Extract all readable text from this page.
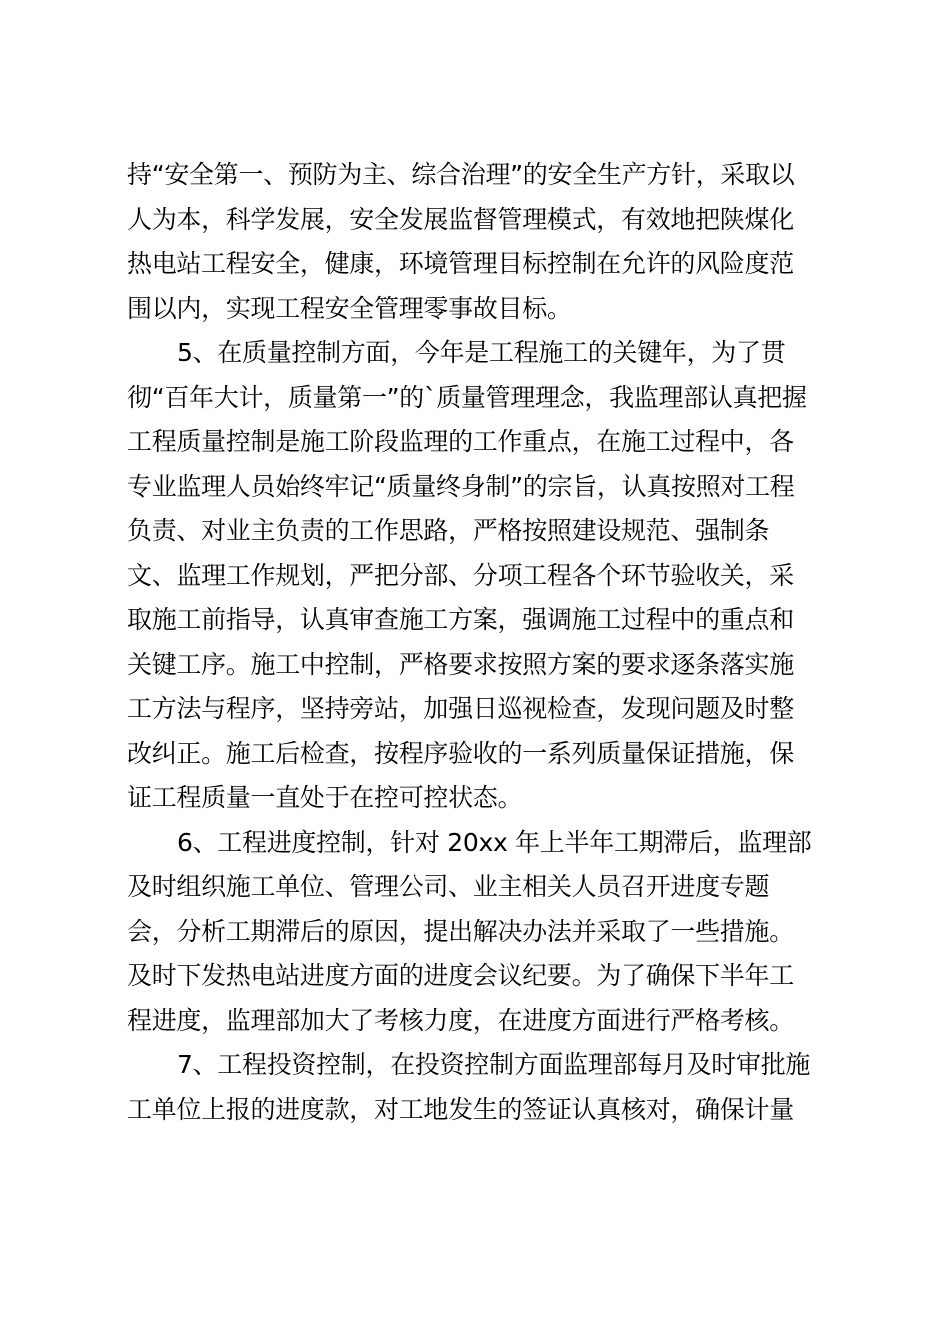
持“安全第一、预防为主、综合治理”的安全生产方针，采取以
人为本，科学发展，安全发展监督管理模式，有效地把陕煤化
热电站工程安全，健康，环境管理目标控制在允许的风险度范
围以内，实现工程安全管理零事故目标。
5、在质量控制方面，今年是工程施工的关键年，为了贯
彻“百年大计，质量第一”的`质量管理理念，我监理部认真把握
工程质量控制是施工阶段监理的工作重点，在施工过程中，各
专业监理人员始终牢记“质量终身制”的宗旨，认真按照对工程
负责、对业主负责的工作思路，严格按照建设规范、强制条
文、监理工作规划，严把分部、分项工程各个环节验收关，采
取施工前指导，认真审查施工方案，强调施工过程中的重点和
关键工序。施工中控制，严格要求按照方案的要求逐条落实施
工方法与程序，坚持旁站，加强日巡视检查，发现问题及时整
改纠正。施工后检查，按程序验收的一系列质量保证措施，保
证工程质量一直处于在控可控状态。
6、工程进度控制，针对 20xx 年上半年工期滞后，监理部
及时组织施工单位、管理公司、业主相关人员召开进度专题
会，分析工期滞后的原因，提出解决办法并采取了一些措施。
及时下发热电站进度方面的进度会议纪要。为了确保下半年工
程进度，监理部加大了考核力度，在进度方面进行严格考核。
7、工程投资控制，在投资控制方面监理部每月及时审批施
工单位上报的进度款，对工地发生的签证认真核对，确保计量
